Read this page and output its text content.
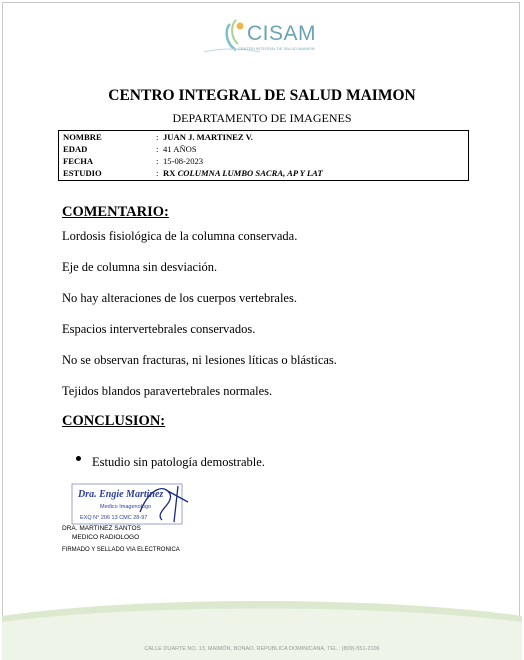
CISAM
CENTRO INTEGRAL DE SALUD MAIMON
CENTRO INTEGRAL DE SALUD MAIMON
DEPARTAMENTO DE IMAGENES
NOMBRE	: JUAN J. MARTINEZ V.
EDAD	: 41 AÑOS
FECHA	: 15-08-2023
ESTUDIO	: RX COLUMNA LUMBO SACRA, AP Y LAT
COMENTARIO:
Lordosis fisiológica de la columna conservada.
Eje de columna sin desviación.
No hay alteraciones de los cuerpos vertebrales.
Espacios intervertebrales conservados.
No se observan fracturas, ni lesiones líticas o blásticas.
Tejidos blandos paravertebrales normales.
CONCLUSION:
Estudio sin patología demostrable.
Dra. Engie Martinez
Medico Imagenologo
EXQ N° 206 13 CMC 28-97
DRA. MARTINEZ SANTOS
MEDICO RADIOLOGO
FIRMADO Y SELLADO VIA ELECTRONICA
CALLE DUARTE NO. 13, MAIMÓN, BONAO, REPUBLICA DOMINICANA, TEL.: (809)-551-2106
